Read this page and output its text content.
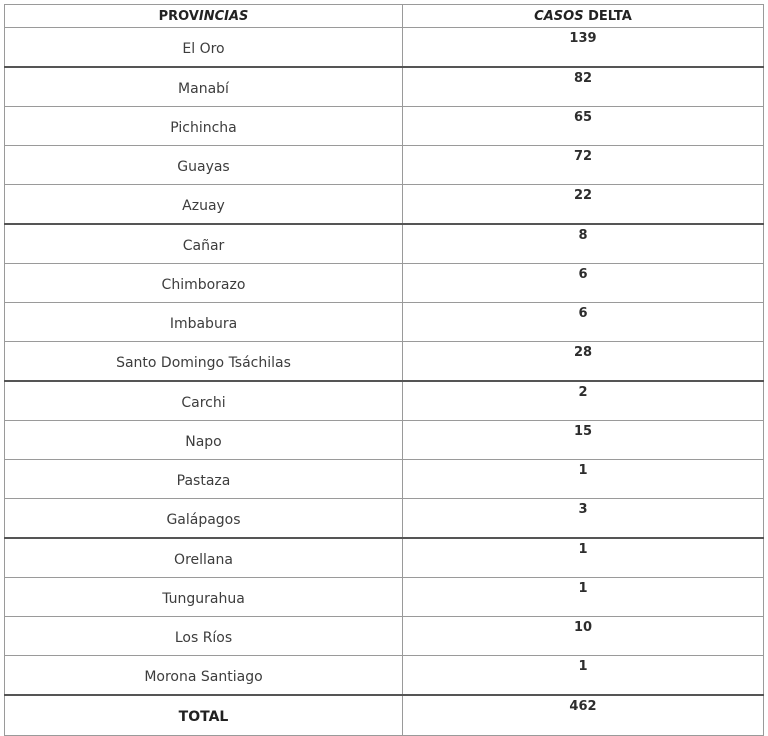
PROVINCIAS	CASOS DELTA
El Oro	139
Manabí	82
Pichincha	65
Guayas	72
Azuay	22
Cañar	8
Chimborazo	6
Imbabura	6
Santo Domingo Tsáchilas	28
Carchi	2
Napo	15
Pastaza	1
Galápagos	3
Orellana	1
Tungurahua	1
Los Ríos	10
Morona Santiago	1
TOTAL	462
